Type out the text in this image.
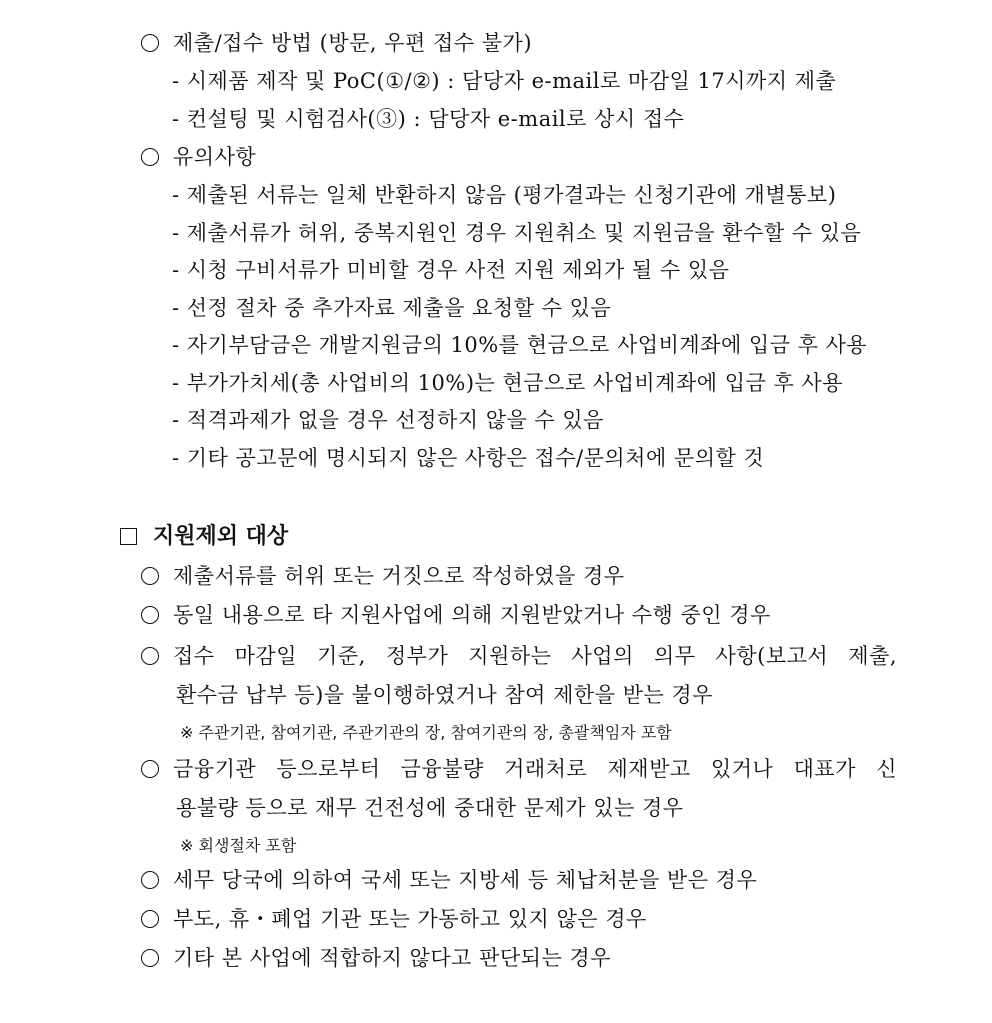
제출/접수 방법 (방문, 우편 접수 불가)
- 시제품 제작 및 PoC(①/②) : 담당자 e-mail로 마감일 17시까지 제출
- 컨설팅 및 시험검사(③) : 담당자 e-mail로 상시 접수
유의사항
- 제출된 서류는 일체 반환하지 않음 (평가결과는 신청기관에 개별통보)
- 제출서류가 허위, 중복지원인 경우 지원취소 및 지원금을 환수할 수 있음
- 시청 구비서류가 미비할 경우 사전 지원 제외가 될 수 있음
- 선정 절차 중 추가자료 제출을 요청할 수 있음
- 자기부담금은 개발지원금의 10%를 현금으로 사업비계좌에 입금 후 사용
- 부가가치세(총 사업비의 10%)는 현금으로 사업비계좌에 입금 후 사용
- 적격과제가 없을 경우 선정하지 않을 수 있음
- 기타 공고문에 명시되지 않은 사항은 접수/문의처에 문의할 것
지원제외 대상
제출서류를 허위 또는 거짓으로 작성하였을 경우
동일 내용으로 타 지원사업에 의해 지원받았거나 수행 중인 경우
접수 마감일 기준, 정부가 지원하는 사업의 의무 사항(보고서 제출,
환수금 납부 등)을 불이행하였거나 참여 제한을 받는 경우
※ 주관기관, 참여기관, 주관기관의 장, 참여기관의 장, 총괄책임자 포함
금융기관 등으로부터 금융불량 거래처로 제재받고 있거나 대표가 신
용불량 등으로 재무 건전성에 중대한 문제가 있는 경우
※ 회생절차 포함
세무 당국에 의하여 국세 또는 지방세 등 체납처분을 받은 경우
부도, 휴・폐업 기관 또는 가동하고 있지 않은 경우
기타 본 사업에 적합하지 않다고 판단되는 경우
